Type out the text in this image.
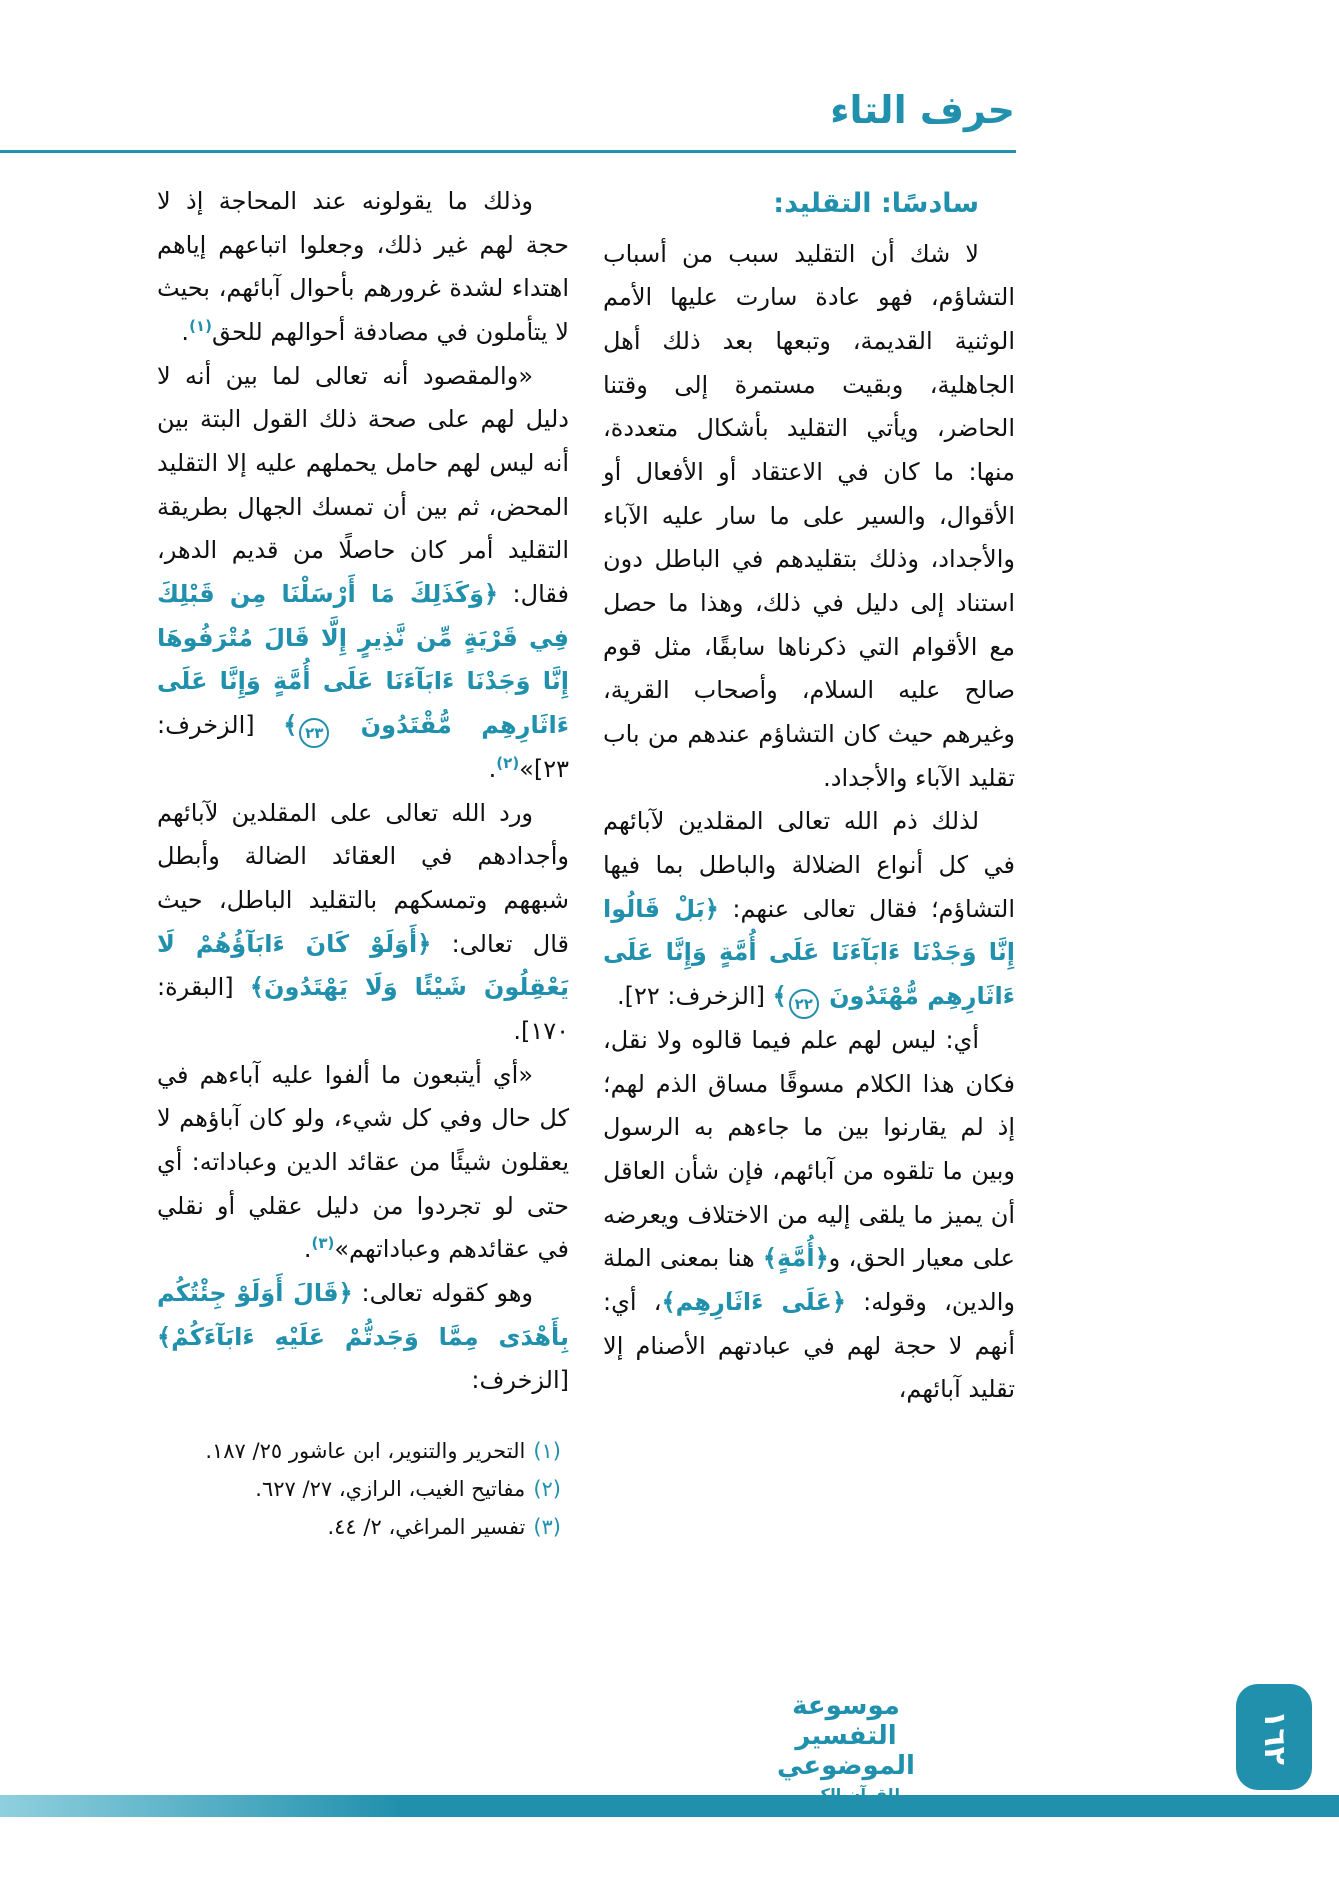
حرف التاء
سادسًا: التقليد:

لا شك أن التقليد سبب من أسباب التشاؤم، فهو عادة سارت عليها الأمم الوثنية القديمة، وتبعها بعد ذلك أهل الجاهلية، وبقيت مستمرة إلى وقتنا الحاضر، ويأتي التقليد بأشكال متعددة، منها: ما كان في الاعتقاد أو الأفعال أو الأقوال، والسير على ما سار عليه الآباء والأجداد، وذلك بتقليدهم في الباطل دون استناد إلى دليل في ذلك، وهذا ما حصل مع الأقوام التي ذكرناها سابقًا، مثل قوم صالح عليه السلام، وأصحاب القرية، وغيرهم حيث كان التشاؤم عندهم من باب تقليد الآباء والأجداد.

لذلك ذم الله تعالى المقلدين لآبائهم في كل أنواع الضلالة والباطل بما فيها التشاؤم؛ فقال تعالى عنهم: ﴿بَلْ قَالُوا إِنَّا وَجَدْنَا ءَابَآءَنَا عَلَى أُمَّةٍ وَإِنَّا عَلَى ءَاثَارِهِم مُّهْتَدُونَ ٢٢﴾ [الزخرف: ٢٢].

أي: ليس لهم علم فيما قالوه ولا نقل، فكان هذا الكلام مسوقًا مساق الذم لهم؛ إذ لم يقارنوا بين ما جاءهم به الرسول وبين ما تلقوه من آبائهم، فإن شأن العاقل أن يميز ما يلقى إليه من الاختلاف ويعرضه على معيار الحق، و﴿أُمَّةٍ﴾ هنا بمعنى الملة والدين، وقوله: ﴿عَلَى ءَاثَارِهِم﴾، أي: أنهم لا حجة لهم في عبادتهم الأصنام إلا تقليد آبائهم،

وذلك ما يقولونه عند المحاجة إذ لا حجة لهم غير ذلك، وجعلوا اتباعهم إياهم اهتداء لشدة غرورهم بأحوال آبائهم، بحيث لا يتأملون في مصادفة أحوالهم للحق$^{(١)}$.

«والمقصود أنه تعالى لما بين أنه لا دليل لهم على صحة ذلك القول البتة بين أنه ليس لهم حامل يحملهم عليه إلا التقليد المحض، ثم بين أن تمسك الجهال بطريقة التقليد أمر كان حاصلًا من قديم الدهر، فقال: ﴿وَكَذَلِكَ مَا أَرْسَلْنَا مِن قَبْلِكَ فِي قَرْيَةٍ مِّن نَّذِيرٍ إِلَّا قَالَ مُتْرَفُوهَا إِنَّا وَجَدْنَا ءَابَآءَنَا عَلَى أُمَّةٍ وَإِنَّا عَلَى ءَاثَارِهِم مُّقْتَدُونَ ٢٣﴾ [الزخرف: ٢٣]»$^{(٢)}$.

ورد الله تعالى على المقلدين لآبائهم وأجدادهم في العقائد الضالة وأبطل شبههم وتمسكهم بالتقليد الباطل، حيث قال تعالى: ﴿أَوَلَوْ كَانَ ءَابَآؤُهُمْ لَا يَعْقِلُونَ شَيْئًا وَلَا يَهْتَدُونَ﴾ [البقرة: ١٧٠].

«أي أيتبعون ما ألفوا عليه آباءهم في كل حال وفي كل شيء، ولو كان آباؤهم لا يعقلون شيئًا من عقائد الدين وعباداته: أي حتى لو تجردوا من دليل عقلي أو نقلي في عقائدهم وعباداتهم»$^{(٣)}$.

وهو كقوله تعالى: ﴿قَالَ أَوَلَوْ جِئْتُكُم بِأَهْدَى مِمَّا وَجَدتُّمْ عَلَيْهِ ءَابَآءَكُمْ﴾ [الزخرف:

(١)
التحرير والتنوير، ابن عاشور ٢٥/ ١٨٧.
(٢)
مفاتيح الغيب، الرازي، ٢٧/ ٦٢٧.
(٣)
تفسير المراغي، ٢/ ٤٤.
موسوعة التفسير الموضوعي
١٦٢
